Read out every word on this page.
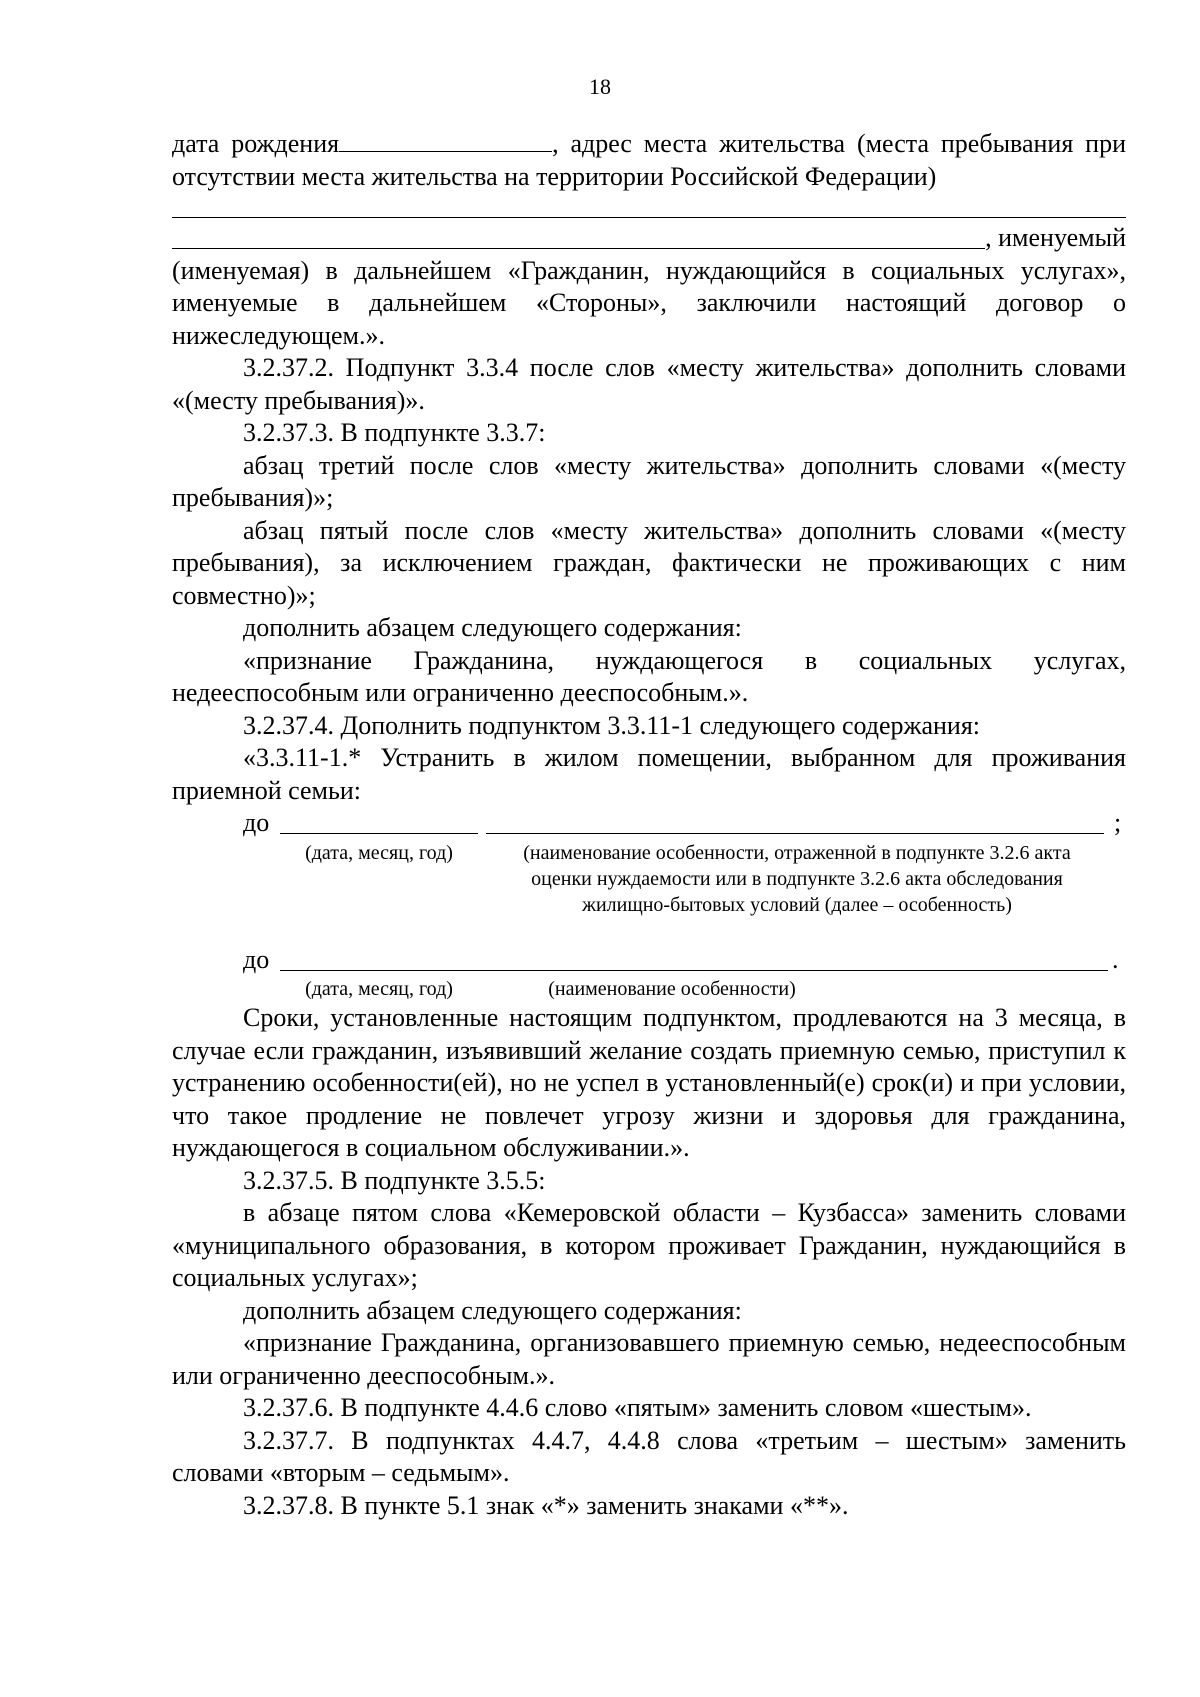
18

дата рождения	, адрес места жительства (места пребывания при отсутствии места жительства на территории Российской Федерации)

, именуемый

(именуемая) в дальнейшем «Гражданин, нуждающийся в социальных услугах», именуемые в дальнейшем «Стороны», заключили настоящий договор о нижеследующем.».

3.2.37.2. Подпункт 3.3.4 после слов «месту жительства» дополнить словами «(месту пребывания)».

3.2.37.3. В подпункте 3.3.7:

абзац третий после слов «месту жительства» дополнить словами «(месту пребывания)»;

абзац пятый после слов «месту жительства» дополнить словами «(месту пребывания), за исключением граждан, фактически не проживающих с ним совместно)»;

дополнить абзацем следующего содержания:

«признание Гражданина, нуждающегося в социальных услугах, недееспособным или ограниченно дееспособным.».

3.2.37.4. Дополнить подпунктом 3.3.11-1 следующего содержания:

«3.3.11-1.* Устранить в жилом помещении, выбранном для проживания приемной семьи:

до	;
(дата, месяц, год)	(наименование особенности, отраженной в подпункте 3.2.6 акта оценки нуждаемости или в подпункте 3.2.6 акта обследования жилищно-бытовых условий (далее – особенность)
до	.
(дата, месяц, год)	(наименование особенности)

Сроки, установленные настоящим подпунктом, продлеваются на 3 месяца, в случае если гражданин, изъявивший желание создать приемную семью, приступил к устранению особенности(ей), но не успел в установленный(е) срок(и) и при условии, что такое продление не повлечет угрозу жизни и здоровья для гражданина, нуждающегося в социальном обслуживании.».

3.2.37.5. В подпункте 3.5.5:

в абзаце пятом слова «Кемеровской области – Кузбасса» заменить словами «муниципального образования, в котором проживает Гражданин, нуждающийся в социальных услугах»;

дополнить абзацем следующего содержания:

«признание Гражданина, организовавшего приемную семью, недееспособным или ограниченно дееспособным.».

3.2.37.6. В подпункте 4.4.6 слово «пятым» заменить словом «шестым».

3.2.37.7. В подпунктах 4.4.7, 4.4.8 слова «третьим – шестым» заменить словами «вторым – седьмым».

3.2.37.8. В пункте 5.1 знак «*» заменить знаками «**».
